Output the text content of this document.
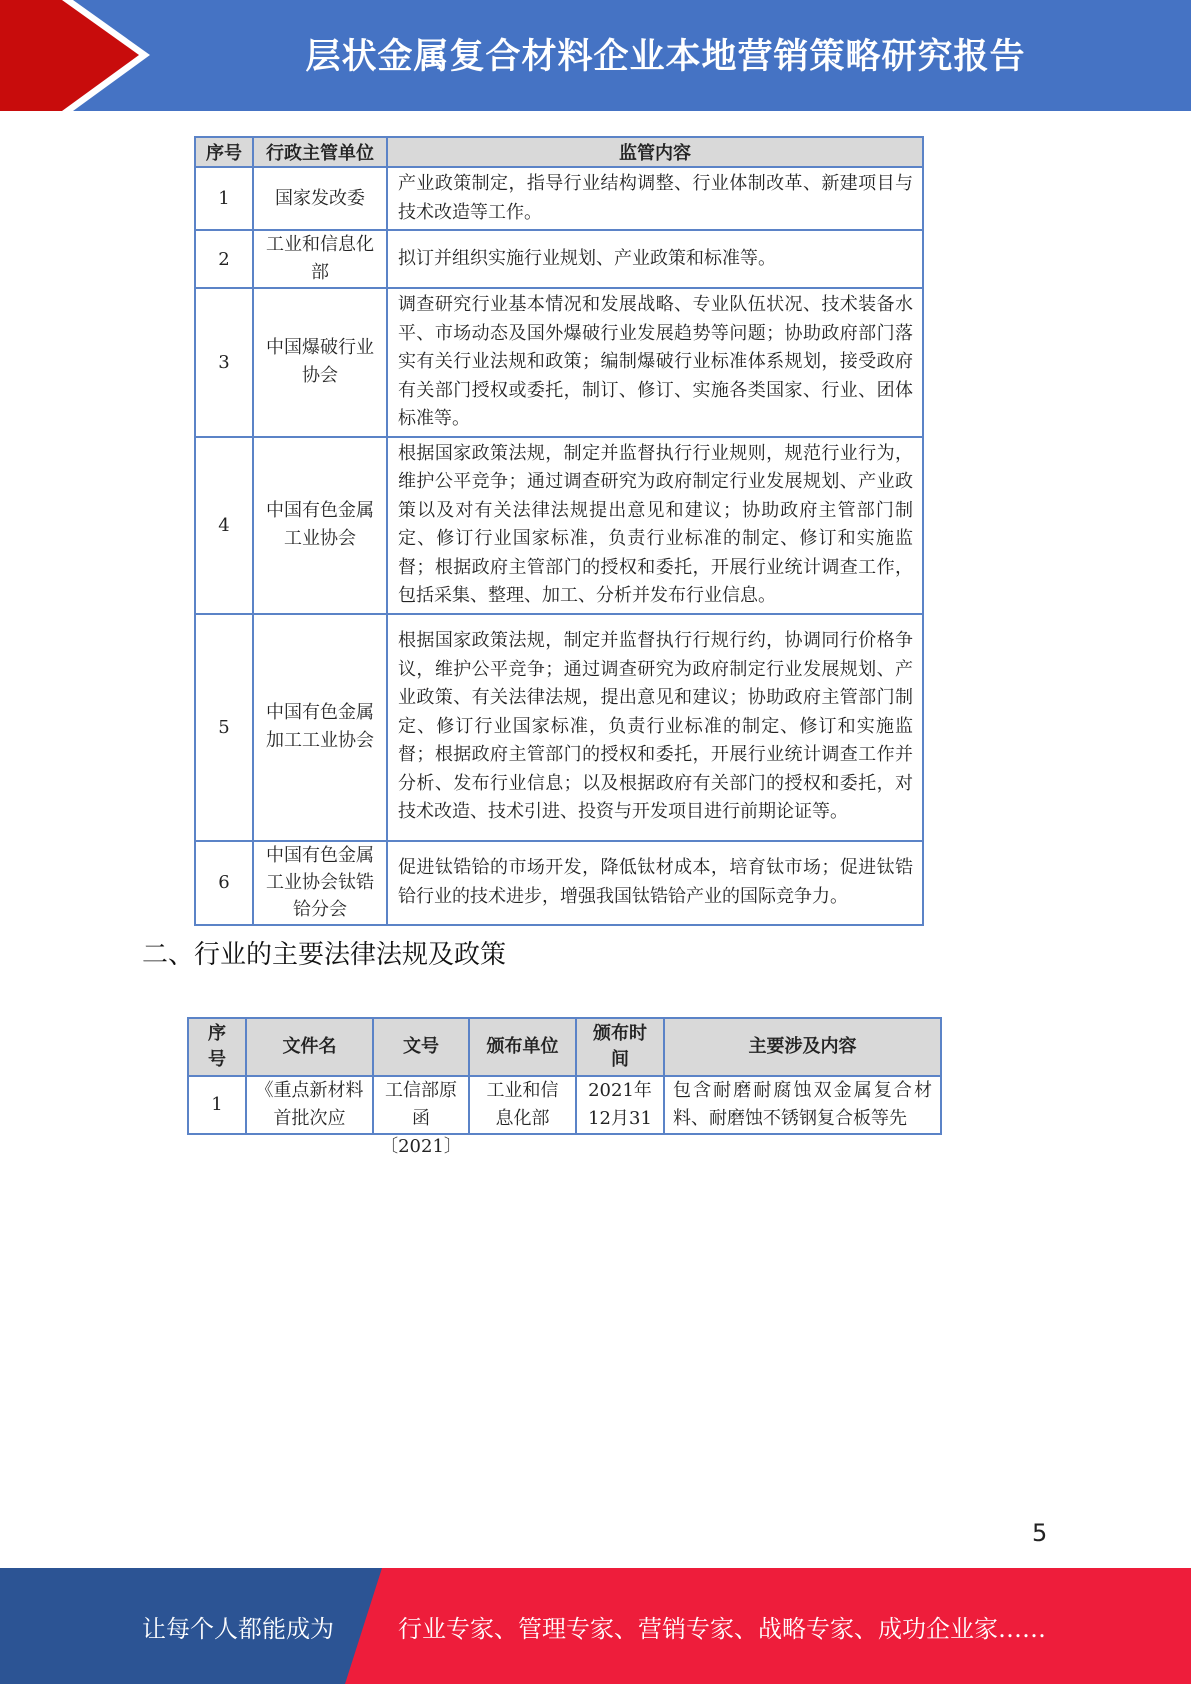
层状金属复合材料企业本地营销策略研究报告
序号	行政主管单位	监管内容
1	国家发改委	产业政策制定，指导行业结构调整、行业体制改革、新建项目与技术改造等工作。
2	工业和信息化部	拟订并组织实施行业规划、产业政策和标准等。
3	中国爆破行业协会	调查研究行业基本情况和发展战略、专业队伍状况、技术装备水平、市场动态及国外爆破行业发展趋势等问题；协助政府部门落实有关行业法规和政策；编制爆破行业标准体系规划，接受政府有关部门授权或委托，制订、修订、实施各类国家、行业、团体标准等。
4	中国有色金属工业协会	根据国家政策法规，制定并监督执行行业规则，规范行业行为，维护公平竞争；通过调查研究为政府制定行业发展规划、产业政策以及对有关法律法规提出意见和建议；协助政府主管部门制定、修订行业国家标准，负责行业标准的制定、修订和实施监督；根据政府主管部门的授权和委托，开展行业统计调查工作，包括采集、整理、加工、分析并发布行业信息。
5	中国有色金属加工工业协会	根据国家政策法规，制定并监督执行行规行约，协调同行价格争议，维护公平竞争；通过调查研究为政府制定行业发展规划、产业政策、有关法律法规，提出意见和建议；协助政府主管部门制定、修订行业国家标准，负责行业标准的制定、修订和实施监督；根据政府主管部门的授权和委托，开展行业统计调查工作并分析、发布行业信息；以及根据政府有关部门的授权和委托，对技术改造、技术引进、投资与开发项目进行前期论证等。
6	中国有色金属工业协会钛锆铪分会	促进钛锆铪的市场开发，降低钛材成本，培育钛市场；促进钛锆铪行业的技术进步，增强我国钛锆铪产业的国际竞争力。
二、行业的主要法律法规及政策
序号	文件名	文号	颁布单位	颁布时间	主要涉及内容

1	《重点新材料首批次应	工信部原函〔2021〕	工业和信息化部	2021年12月31	包含耐磨耐腐蚀双金属复合材料、耐磨蚀不锈钢复合板等先
5
让每个人都能成为	行业专家、管理专家、营销专家、战略专家、成功企业家……
